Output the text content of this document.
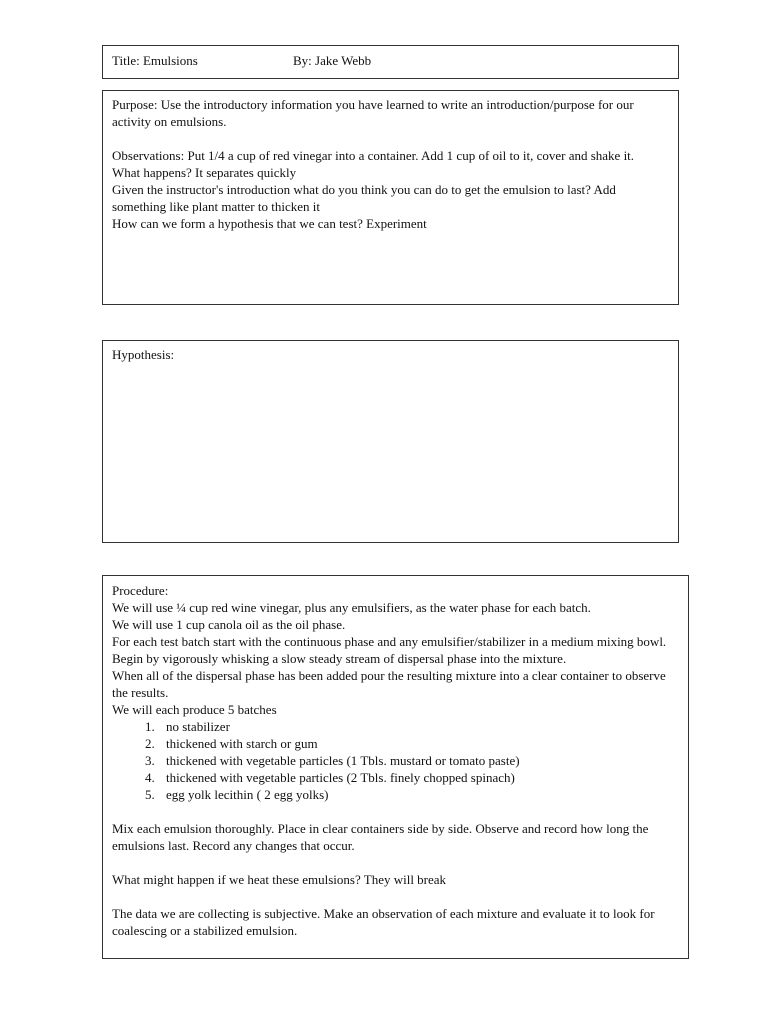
Title: Emulsions	By: Jake Webb

Purpose: Use the introductory information you have learned to write an introduction/purpose for our activity on emulsions.

Observations: Put 1/4 a cup of red vinegar into a container. Add 1 cup of oil to it, cover and shake it.

What happens? It separates quickly

Given the instructor's introduction what do you think you can do to get the emulsion to last? Add something like plant matter to thicken it

How can we form a hypothesis that we can test? Experiment

Hypothesis:

Procedure:

We will use ¼ cup red wine vinegar, plus any emulsifiers, as the water phase for each batch.

We will use 1 cup canola oil as the oil phase.

For each test batch start with the continuous phase and any emulsifier/stabilizer in a medium mixing bowl.

Begin by vigorously whisking a slow steady stream of dispersal phase into the mixture.

When all of the dispersal phase has been added pour the resulting mixture into a clear container to observe the results.

We will each produce 5 batches

1. no stabilizer
2. thickened with starch or gum
3. thickened with vegetable particles (1 Tbls. mustard or tomato paste)
4. thickened with vegetable particles (2 Tbls. finely chopped spinach)
5. egg yolk lecithin ( 2 egg yolks)

Mix each emulsion thoroughly. Place in clear containers side by side. Observe and record how long the emulsions last. Record any changes that occur.

What might happen if we heat these emulsions? They will break

The data we are collecting is subjective. Make an observation of each mixture and evaluate it to look for coalescing or a stabilized emulsion.
